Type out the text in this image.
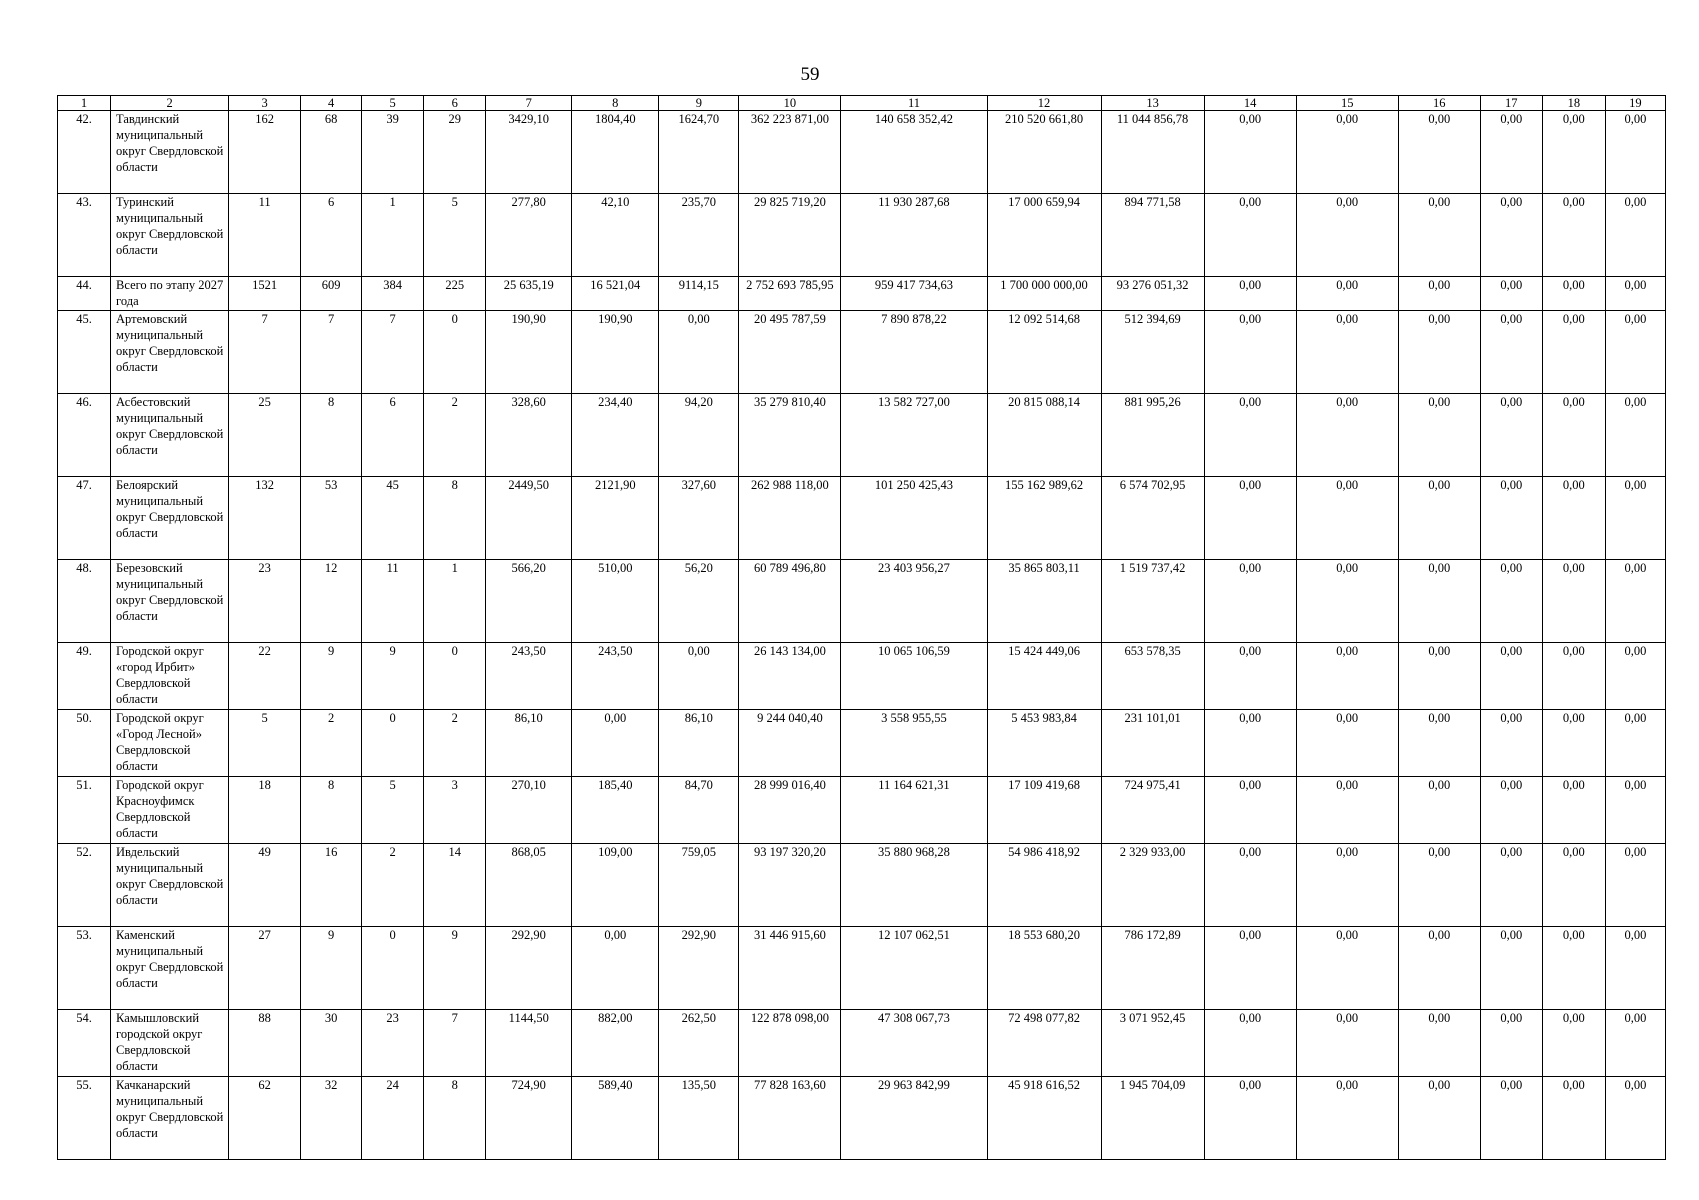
59
1	2	3	4	5	6	7	8	9	10	11	12	13	14	15	16	17	18	19
42.	Тавдинский муниципальный округ Свердловской области	162	68	39	29	3429,10	1804,40	1624,70	362 223 871,00	140 658 352,42	210 520 661,80	11 044 856,78	0,00	0,00	0,00	0,00	0,00	0,00
43.	Туринский муниципальный округ Свердловской области	11	6	1	5	277,80	42,10	235,70	29 825 719,20	11 930 287,68	17 000 659,94	894 771,58	0,00	0,00	0,00	0,00	0,00	0,00
44.	Всего по этапу 2027 года	1521	609	384	225	25 635,19	16 521,04	9114,15	2 752 693 785,95	959 417 734,63	1 700 000 000,00	93 276 051,32	0,00	0,00	0,00	0,00	0,00	0,00
45.	Артемовский муниципальный округ Свердловской области	7	7	7	0	190,90	190,90	0,00	20 495 787,59	7 890 878,22	12 092 514,68	512 394,69	0,00	0,00	0,00	0,00	0,00	0,00
46.	Асбестовский муниципальный округ Свердловской области	25	8	6	2	328,60	234,40	94,20	35 279 810,40	13 582 727,00	20 815 088,14	881 995,26	0,00	0,00	0,00	0,00	0,00	0,00
47.	Белоярский муниципальный округ Свердловской области	132	53	45	8	2449,50	2121,90	327,60	262 988 118,00	101 250 425,43	155 162 989,62	6 574 702,95	0,00	0,00	0,00	0,00	0,00	0,00
48.	Березовский муниципальный округ Свердловской области	23	12	11	1	566,20	510,00	56,20	60 789 496,80	23 403 956,27	35 865 803,11	1 519 737,42	0,00	0,00	0,00	0,00	0,00	0,00
49.	Городской округ «город Ирбит» Свердловской области	22	9	9	0	243,50	243,50	0,00	26 143 134,00	10 065 106,59	15 424 449,06	653 578,35	0,00	0,00	0,00	0,00	0,00	0,00
50.	Городской округ «Город Лесной» Свердловской области	5	2	0	2	86,10	0,00	86,10	9 244 040,40	3 558 955,55	5 453 983,84	231 101,01	0,00	0,00	0,00	0,00	0,00	0,00
51.	Городской округ Красноуфимск Свердловской области	18	8	5	3	270,10	185,40	84,70	28 999 016,40	11 164 621,31	17 109 419,68	724 975,41	0,00	0,00	0,00	0,00	0,00	0,00
52.	Ивдельский муниципальный округ Свердловской области	49	16	2	14	868,05	109,00	759,05	93 197 320,20	35 880 968,28	54 986 418,92	2 329 933,00	0,00	0,00	0,00	0,00	0,00	0,00
53.	Каменский муниципальный округ Свердловской области	27	9	0	9	292,90	0,00	292,90	31 446 915,60	12 107 062,51	18 553 680,20	786 172,89	0,00	0,00	0,00	0,00	0,00	0,00
54.	Камышловский городской округ Свердловской области	88	30	23	7	1144,50	882,00	262,50	122 878 098,00	47 308 067,73	72 498 077,82	3 071 952,45	0,00	0,00	0,00	0,00	0,00	0,00
55.	Качканарский муниципальный округ Свердловской области	62	32	24	8	724,90	589,40	135,50	77 828 163,60	29 963 842,99	45 918 616,52	1 945 704,09	0,00	0,00	0,00	0,00	0,00	0,00
